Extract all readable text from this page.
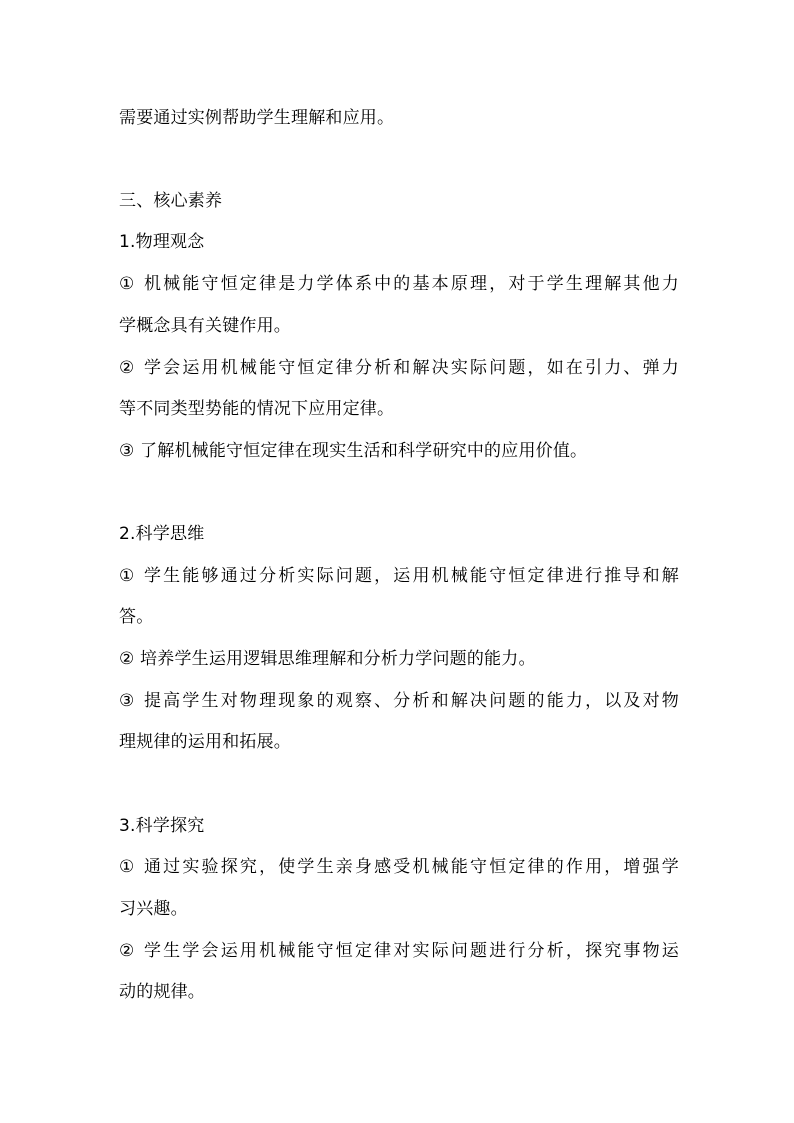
需要通过实例帮助学生理解和应用。
三、核心素养
1.物理观念
① 机械能守恒定律是力学体系中的基本原理，对于学生理解其他力
学概念具有关键作用。
② 学会运用机械能守恒定律分析和解决实际问题，如在引力、弹力
等不同类型势能的情况下应用定律。
③ 了解机械能守恒定律在现实生活和科学研究中的应用价值。
2.科学思维
① 学生能够通过分析实际问题，运用机械能守恒定律进行推导和解
答。
② 培养学生运用逻辑思维理解和分析力学问题的能力。
③ 提高学生对物理现象的观察、分析和解决问题的能力，以及对物
理规律的运用和拓展。
3.科学探究
① 通过实验探究，使学生亲身感受机械能守恒定律的作用，增强学
习兴趣。
② 学生学会运用机械能守恒定律对实际问题进行分析，探究事物运
动的规律。
